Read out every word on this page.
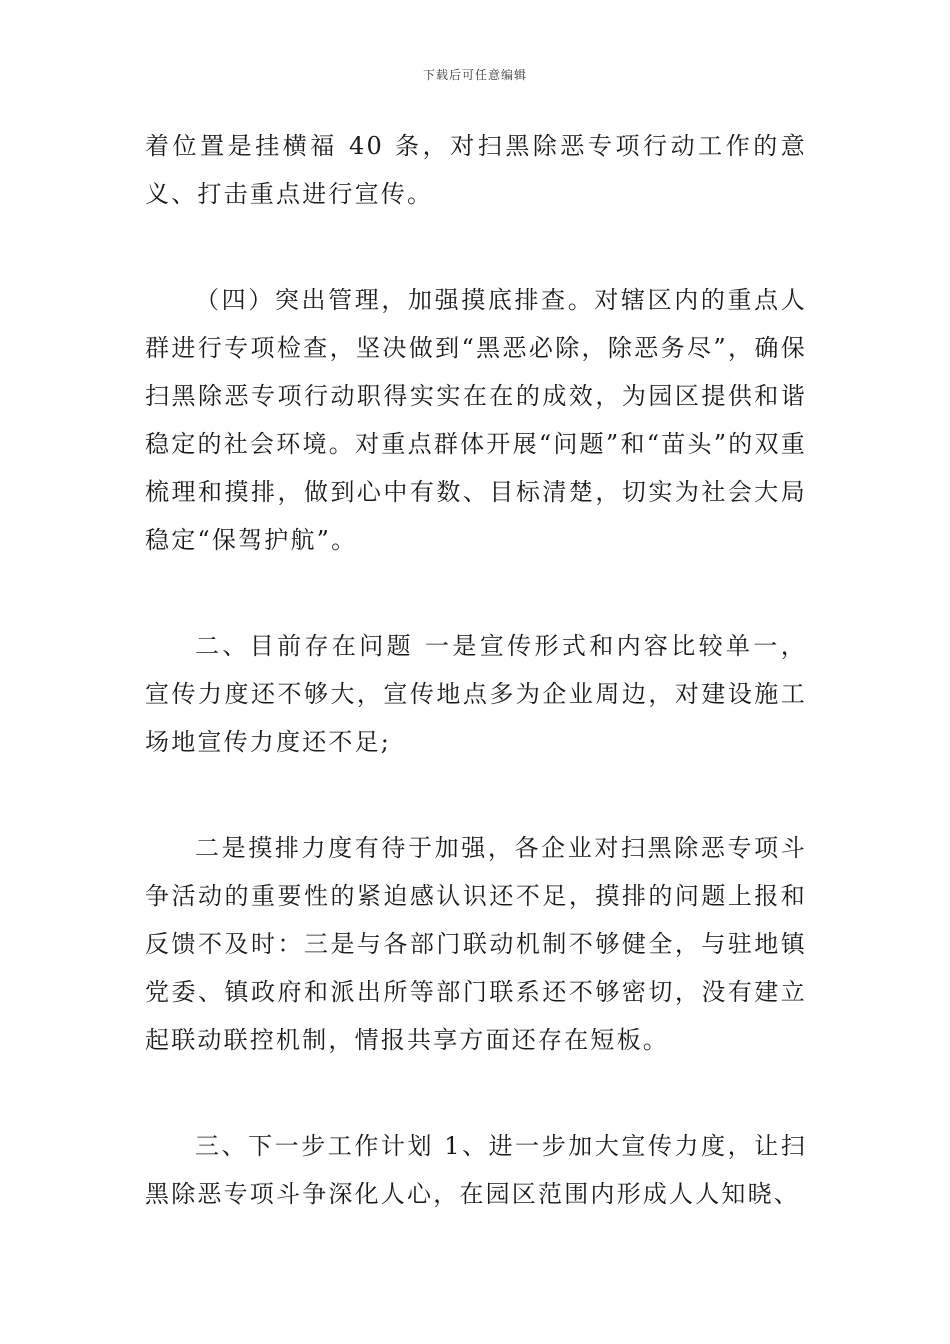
下载后可任意编辑

着位置是挂横福 40 条，对扫黑除恶专项行动工作的意义、打击重点进行宣传。

（四）突出管理，加强摸底排查。对辖区内的重点人群进行专项检查，坚决做到“黑恶必除，除恶务尽”，确保扫黑除恶专项行动职得实实在在的成效，为园区提供和谐稳定的社会环境。对重点群体开展“问题”和“苗头”的双重梳理和摸排，做到心中有数、目标清楚，切实为社会大局稳定“保驾护航”。

二、目前存在问题 一是宣传形式和内容比较单一，宣传力度还不够大，宣传地点多为企业周边，对建设施工场地宣传力度还不足;

二是摸排力度有待于加强，各企业对扫黑除恶专项斗争活动的重要性的紧迫感认识还不足，摸排的问题上报和反馈不及时：三是与各部门联动机制不够健全，与驻地镇党委、镇政府和派出所等部门联系还不够密切，没有建立起联动联控机制，情报共享方面还存在短板。

三、下一步工作计划 1、进一步加大宣传力度，让扫黑除恶专项斗争深化人心，在园区范围内形成人人知晓、
